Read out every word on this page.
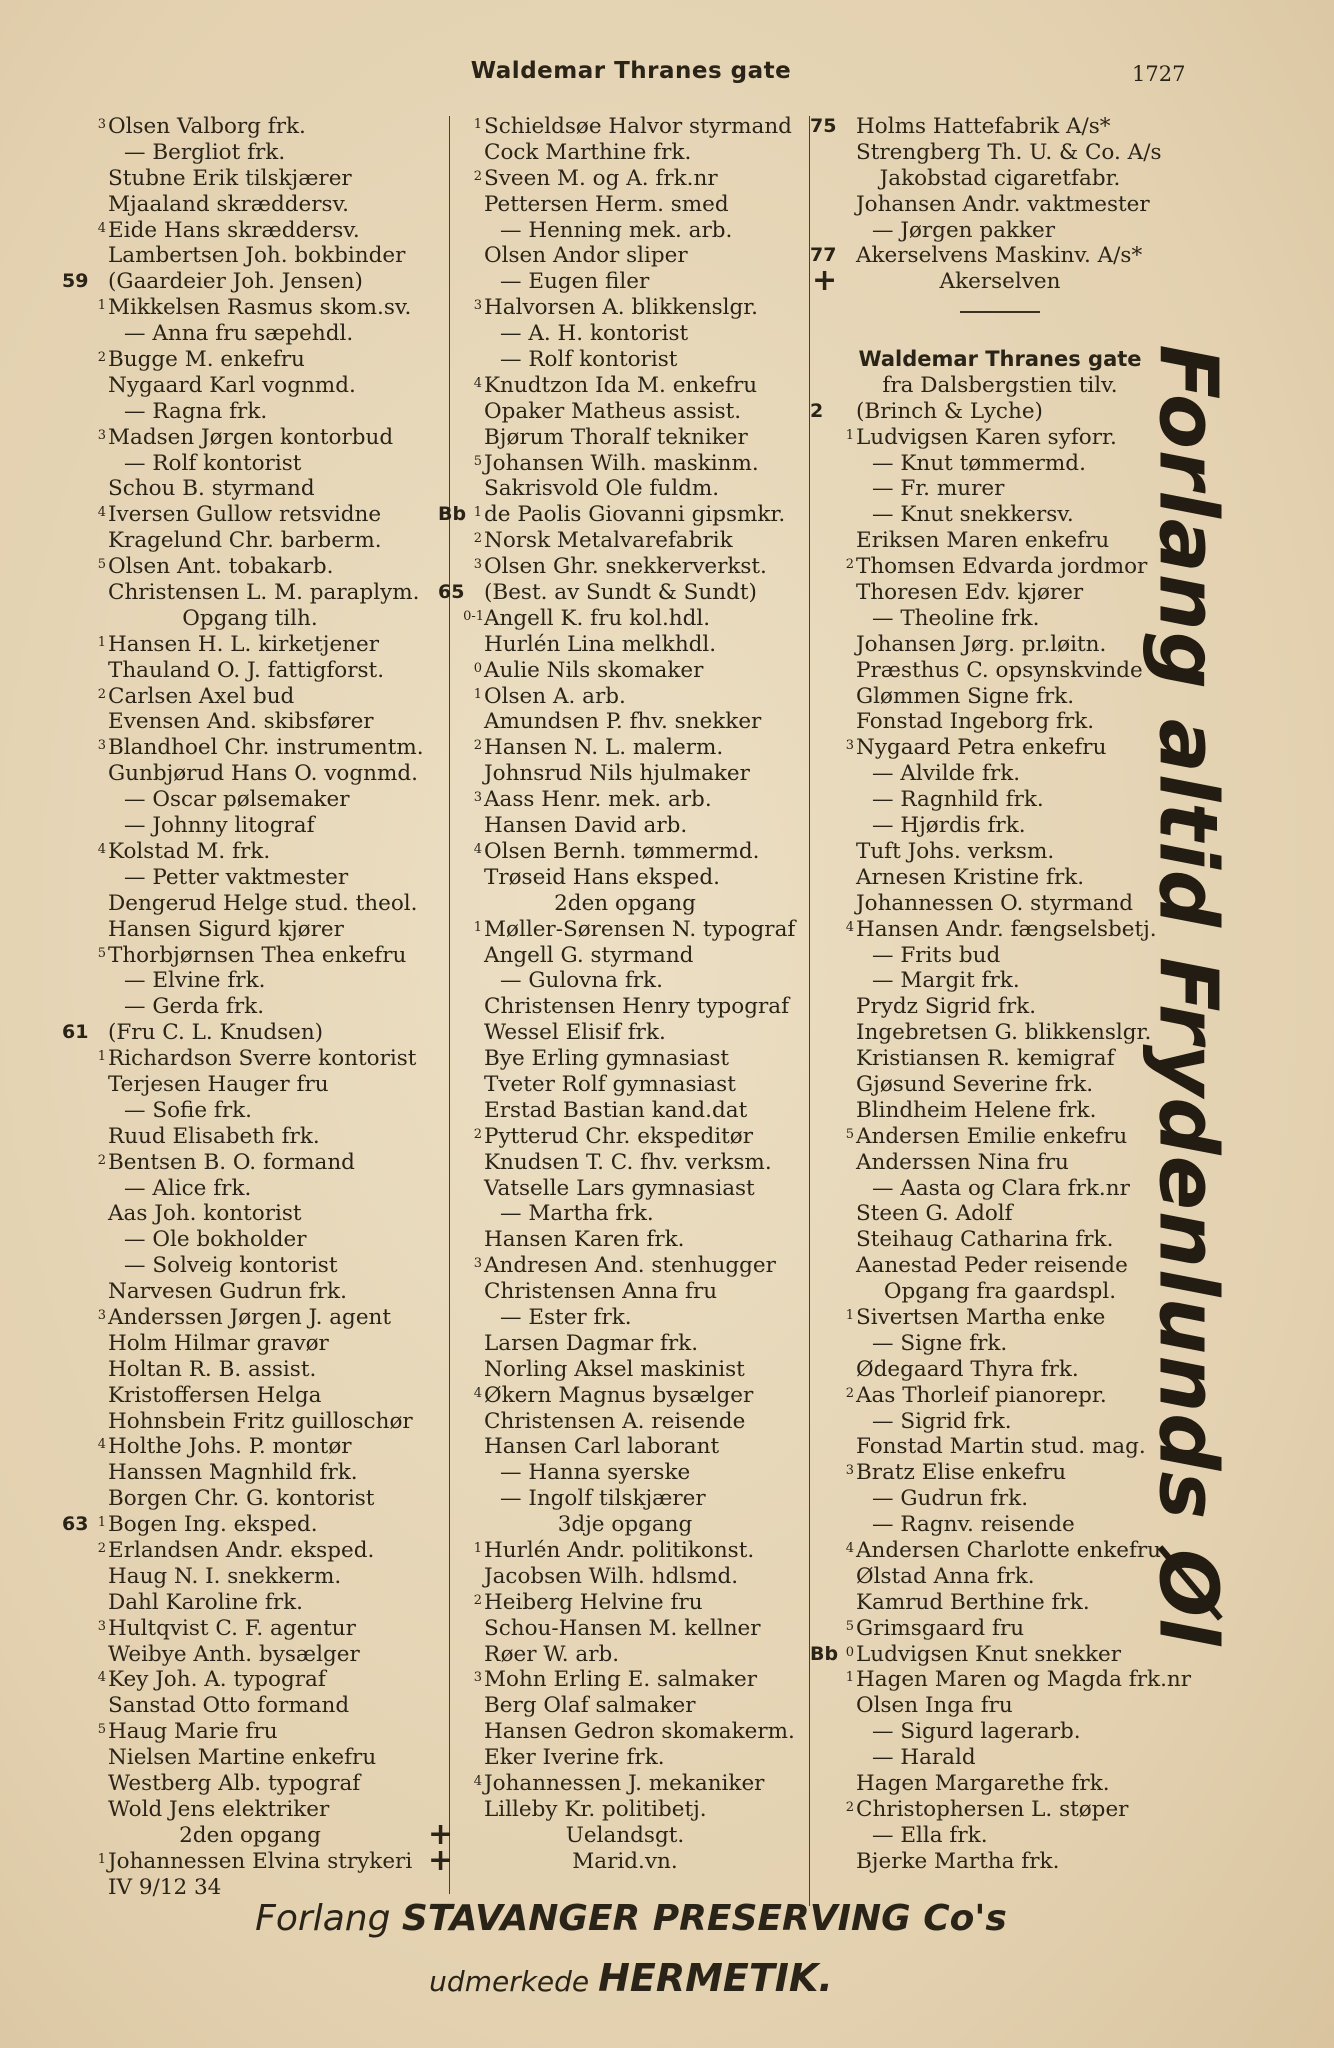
Waldemar Thranes gate	1727
3 Olsen Valborg frk.
— Bergliot frk.
Stubne Erik tilskjærer
Mjaaland skræddersv.
4 Eide Hans skræddersv.
Lambertsen Joh. bokbinder
59 (Gaardeier Joh. Jensen)
1 Mikkelsen Rasmus skom.sv.
— Anna fru sæpehdl.
2 Bugge M. enkefru
Nygaard Karl vognmd.
— Ragna frk.
3 Madsen Jørgen kontorbud
— Rolf kontorist
Schou B. styrmand
4 Iversen Gullow retsvidne
Kragelund Chr. barberm.
5 Olsen Ant. tobakarb.
Christensen L. M. paraplym.
Opgang tilh.
1 Hansen H. L. kirketjener
Thauland O. J. fattigforst.
2 Carlsen Axel bud
Evensen And. skibsfører
3 Blandhoel Chr. instrumentm.
Gunbjørud Hans O. vognmd.
— Oscar pølsemaker
— Johnny litograf
4 Kolstad M. frk.
— Petter vaktmester
Dengerud Helge stud. theol.
Hansen Sigurd kjører
5 Thorbjørnsen Thea enkefru
— Elvine frk.
— Gerda frk.
61 (Fru C. L. Knudsen)
1 Richardson Sverre kontorist
Terjesen Hauger fru
— Sofie frk.
Ruud Elisabeth frk.
2 Bentsen B. O. formand
— Alice frk.
Aas Joh. kontorist
— Ole bokholder
— Solveig kontorist
Narvesen Gudrun frk.
3 Anderssen Jørgen J. agent
Holm Hilmar gravør
Holtan R. B. assist.
Kristoffersen Helga
Hohnsbein Fritz guilloschør
4 Holthe Johs. P. montør
Hanssen Magnhild frk.
Borgen Chr. G. kontorist
63 1 Bogen Ing. eksped.
2 Erlandsen Andr. eksped.
Haug N. I. snekkerm.
Dahl Karoline frk.
3 Hultqvist C. F. agentur
Weibye Anth. bysælger
4 Key Joh. A. typograf
Sanstad Otto formand
5 Haug Marie fru
Nielsen Martine enkefru
Westberg Alb. typograf
Wold Jens elektriker
2den opgang
1 Johannessen Elvina strykeri
IV 9/12 34
1 Schieldsøe Halvor styrmand
Cock Marthine frk.
2 Sveen M. og A. frk.nr
Pettersen Herm. smed
— Henning mek. arb.
Olsen Andor sliper
— Eugen filer
3 Halvorsen A. blikkenslgr.
— A. H. kontorist
— Rolf kontorist
4 Knudtzon Ida M. enkefru
Opaker Matheus assist.
Bjørum Thoralf tekniker
5 Johansen Wilh. maskinm.
Sakrisvold Ole fuldm.
Bb 1 de Paolis Giovanni gipsmkr.
2 Norsk Metalvarefabrik
3 Olsen Ghr. snekkerverkst.
65 (Best. av Sundt & Sundt)
0-1 Angell K. fru kol.hdl.
Hurlén Lina melkhdl.
0 Aulie Nils skomaker
1 Olsen A. arb.
Amundsen P. fhv. snekker
2 Hansen N. L. malerm.
Johnsrud Nils hjulmaker
3 Aass Henr. mek. arb.
Hansen David arb.
4 Olsen Bernh. tømmermd.
Trøseid Hans eksped.
2den opgang
1 Møller-Sørensen N. typograf
Angell G. styrmand
— Gulovna frk.
Christensen Henry typograf
Wessel Elisif frk.
Bye Erling gymnasiast
Tveter Rolf gymnasiast
Erstad Bastian kand.dat
2 Pytterud Chr. ekspeditør
Knudsen T. C. fhv. verksm.
Vatselle Lars gymnasiast
— Martha frk.
Hansen Karen frk.
3 Andresen And. stenhugger
Christensen Anna fru
— Ester frk.
Larsen Dagmar frk.
Norling Aksel maskinist
4 Økern Magnus bysælger
Christensen A. reisende
Hansen Carl laborant
— Hanna syerske
— Ingolf tilskjærer
3dje opgang
1 Hurlén Andr. politikonst.
Jacobsen Wilh. hdlsmd.
2 Heiberg Helvine fru
Schou-Hansen M. kellner
Røer W. arb.
3 Mohn Erling E. salmaker
Berg Olaf salmaker
Hansen Gedron skomakerm.
Eker Iverine frk.
4 Johannessen J. mekaniker
Lilleby Kr. politibetj.
+	Uelandsgt.
+	Marid.vn.
75 Holms Hattefabrik A/s*
Strengberg Th. U. & Co. A/s
Jakobstad cigaretfabr.
Johansen Andr. vaktmester
— Jørgen pakker
77 Akerselvens Maskinv. A/s*
+	Akerselven
Waldemar Thranes gate
fra Dalsbergstien tilv.
2	(Brinch & Lyche)
1 Ludvigsen Karen syforr.
— Knut tømmermd.
— Fr. murer
— Knut snekkersv.
Eriksen Maren enkefru
2 Thomsen Edvarda jordmor
Thoresen Edv. kjører
— Theoline frk.
Johansen Jørg. pr.løitn.
Præsthus C. opsynskvinde
Glømmen Signe frk.
Fonstad Ingeborg frk.
3 Nygaard Petra enkefru
— Alvilde frk.
— Ragnhild frk.
— Hjørdis frk.
Tuft Johs. verksm.
Arnesen Kristine frk.
Johannessen O. styrmand
4 Hansen Andr. fængselsbetj.
— Frits bud
— Margit frk.
Prydz Sigrid frk.
Ingebretsen G. blikkenslgr.
Kristiansen R. kemigraf
Gjøsund Severine frk.
Blindheim Helene frk.
5 Andersen Emilie enkefru
Anderssen Nina fru
— Aasta og Clara frk.nr
Steen G. Adolf
Steihaug Catharina frk.
Aanestad Peder reisende
Opgang fra gaardspl.
1 Sivertsen Martha enke
— Signe frk.
Ødegaard Thyra frk.
2 Aas Thorleif pianorepr.
— Sigrid frk.
Fonstad Martin stud. mag.
3 Bratz Elise enkefru
— Gudrun frk.
— Ragnv. reisende
4 Andersen Charlotte enkefru
Ølstad Anna frk.
Kamrud Berthine frk.
5 Grimsgaard fru
Bb 0 Ludvigsen Knut snekker
1 Hagen Maren og Magda frk.nr
Olsen Inga fru
— Sigurd lagerarb.
— Harald
Hagen Margarethe frk.
2 Christophersen L. støper
— Ella frk.
Bjerke Martha frk.
Forlang altid Frydenlunds Øl
Forlang STAVANGER PRESERVING Co's
udmerkede HERMETIK.
